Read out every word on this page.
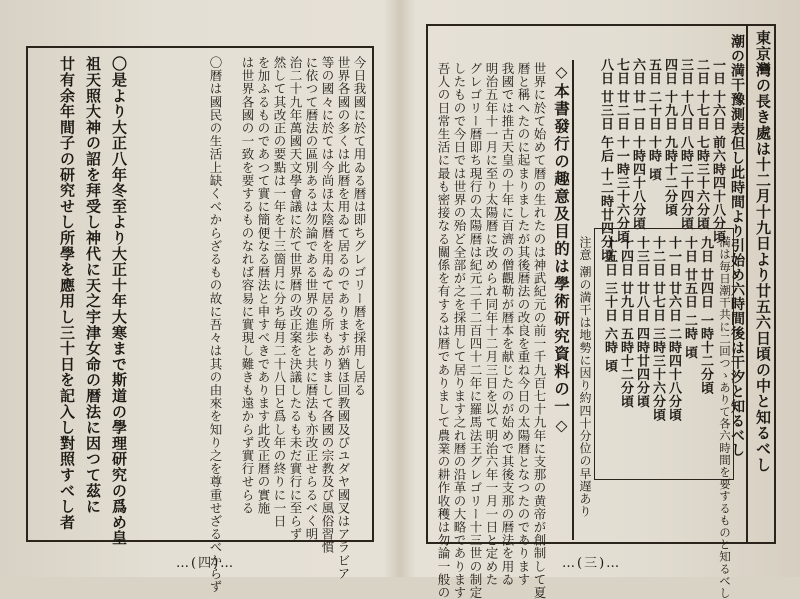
東京灣の長き處は十二月十九日より廿五六日頃の中と知るべし
潮の満干豫測表但し此時間より引始め六時間後は干汐と知るべし
一日 十六日 前六時四十八分頃
二日 十七日 七時三十六分頃
三日 十八日 八時二十四分頃
四日 十九日 九時十二分頃
五日 二十日 十時 頃
六日 廿一日 十時四十八分頃
七日 廿二日 十一時三十六分頃
八日 廿三日 午后 十二時廿四分頃
九日 廿四日 一時十二分頃
十日 廿五日 二時 頃
十一日 廿六日 二時四十八分頃
十二日 廿七日 三時三十六分頃
十三日 廿八日 四時廿四分頃
十四日 廿九日 五時十二分頃
十五日 三十日 六時 頃	満は毎日潮干共に二回つゝありて各六時間を要するものと知るべし
注意 潮の満干は地勢に因り約四十分位の早遅あり
◇本書發行の趣意及目的は學術研究資料の一◇
世界に於て始めて暦の生れたのは神武紀元の前一千九百七十九年に支那の黄帝が創制して夏
暦と稱へたのに起まりましたが其後暦法の改良を重ね今日の太陽暦となつたのであります
我國では推古天皇の十年に百濟の僧觀勒が暦本を献じたのが始めで其後支那の暦法を用ゐ
明治五年十一月に至り太陽暦に改められ同年十二月三日を以て明治六年一月一日と定めた
グレゴリー暦即ち現行の太陽暦は紀元二千二百四十二年に羅馬法王グレゴリー十三世の制定
したもので今日では世界の殆ど全部が之を採用して居ります之れ暦の沿革の大略であります
吾人の日常生活に最も密接なる關係を有するは暦でありまして農業の耕作收穫は勿論一般の	…(三)…
今日我國に於て用ゐる暦は即ちグレゴリー暦を採用し居る
世界各國の多くは此暦を用ゐて居るのでありますが猶ほ回教國及びユダヤ國叉はアラビア
等の國々に於ては今尚ほ太陰暦を用ゐて居る所もありまして各國の宗教及び風俗習慣
に依つて暦法の區別あるは勿論である世界の進歩と共に暦法も亦改正せらるべく明
治二十九年萬國天文學會議に於て世界暦の改正案を決議したるも未だ實行に至らず
然して其改正の要點は一年を十三箇月に分ち毎月二十八日と爲し年の終りに一日
を加ふるものであつて實に簡便なる暦法と申すべきであります此改正暦の實施
は世界各國の一致を要するものなれば容易に實現し難きも遠からず實行せらる
〇暦は國民の生活上缺くべからざるもの故に吾々は其の由來を知り之を尊重せざるべからず
〇是より大正八年冬至より大正十年大寒まで斯道の學理研究の爲め皇
祖天照大神の詔を拜受し神代に天之宇津女命の暦法に因つて茲に
廿有余年間子の研究せし所學を應用し三十日を記入し對照すべし者
…(四)…
